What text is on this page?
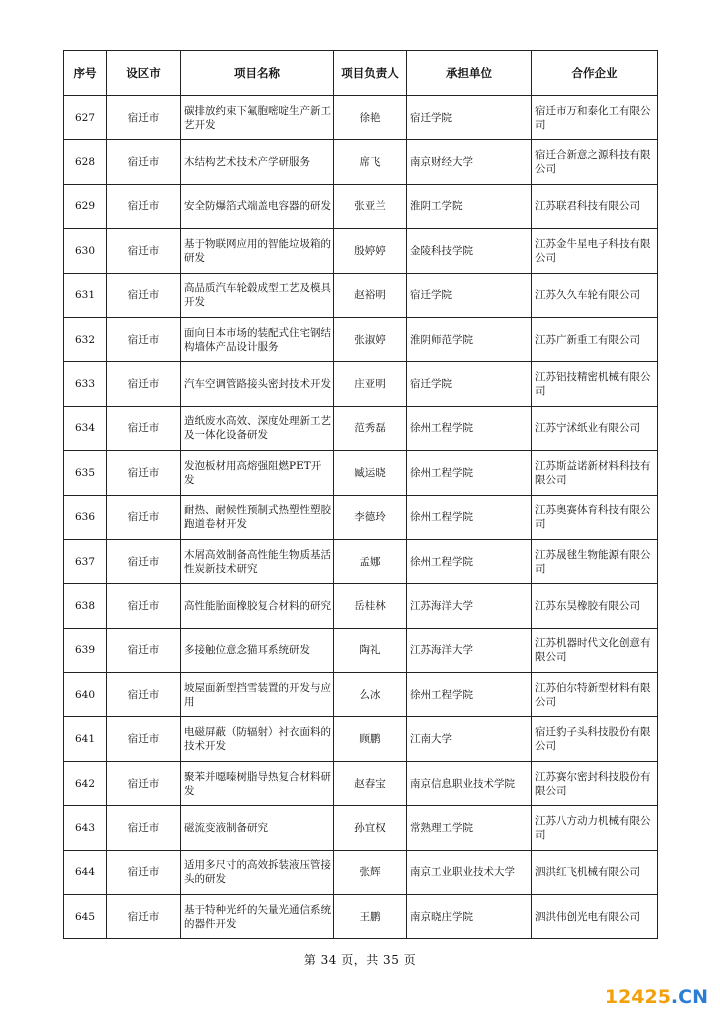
序号	设区市	项目名称	项目负责人	承担单位	合作企业
627	宿迁市	碳排放约束下氟胞嘧啶生产新工艺开发	徐艳	宿迁学院	宿迁市万和泰化工有限公司
628	宿迁市	木结构艺术技术产学研服务	席飞	南京财经大学	宿迁合新意之源科技有限公司
629	宿迁市	安全防爆箔式端盖电容器的研发	张亚兰	淮阴工学院	江苏联君科技有限公司
630	宿迁市	基于物联网应用的智能垃圾箱的研发	殷婷婷	金陵科技学院	江苏金牛星电子科技有限公司
631	宿迁市	高品质汽车轮毂成型工艺及模具开发	赵裕明	宿迁学院	江苏久久车轮有限公司
632	宿迁市	面向日本市场的装配式住宅钢结构墙体产品设计服务	张淑婷	淮阴师范学院	江苏广新重工有限公司
633	宿迁市	汽车空调管路接头密封技术开发	庄亚明	宿迁学院	江苏铝技精密机械有限公司
634	宿迁市	造纸废水高效、深度处理新工艺及一体化设备研发	范秀磊	徐州工程学院	江苏宁沭纸业有限公司
635	宿迁市	发泡板材用高熔强阻燃PET开发	臧运晓	徐州工程学院	江苏斯益诺新材料科技有限公司
636	宿迁市	耐热、耐候性预制式热塑性塑胶跑道卷材开发	李德玲	徐州工程学院	江苏奥赛体育科技有限公司
637	宿迁市	木屑高效制备高性能生物质基活性炭新技术研究	孟娜	徐州工程学院	江苏晟毬生物能源有限公司
638	宿迁市	高性能胎面橡胶复合材料的研究	岳桂林	江苏海洋大学	江苏东昊橡胶有限公司
639	宿迁市	多接触位意念猫耳系统研发	陶礼	江苏海洋大学	江苏机器时代文化创意有限公司
640	宿迁市	坡屋面新型挡雪装置的开发与应用	么冰	徐州工程学院	江苏伯尔特新型材料有限公司
641	宿迁市	电磁屏蔽（防辐射）衬衣面料的技术开发	顾鹏	江南大学	宿迁豹子头科技股份有限公司
642	宿迁市	聚苯并噁嗪树脂导热复合材料研发	赵春宝	南京信息职业技术学院	江苏赛尔密封科技股份有限公司
643	宿迁市	磁流变液制备研究	孙宜权	常熟理工学院	江苏八方动力机械有限公司
644	宿迁市	适用多尺寸的高效拆装液压管接头的研发	张辉	南京工业职业技术大学	泗洪红飞机械有限公司
645	宿迁市	基于特种光纤的矢量光通信系统的器件开发	王鹏	南京晓庄学院	泗洪伟创光电有限公司
第 34 页，共 35 页
12425.CN
